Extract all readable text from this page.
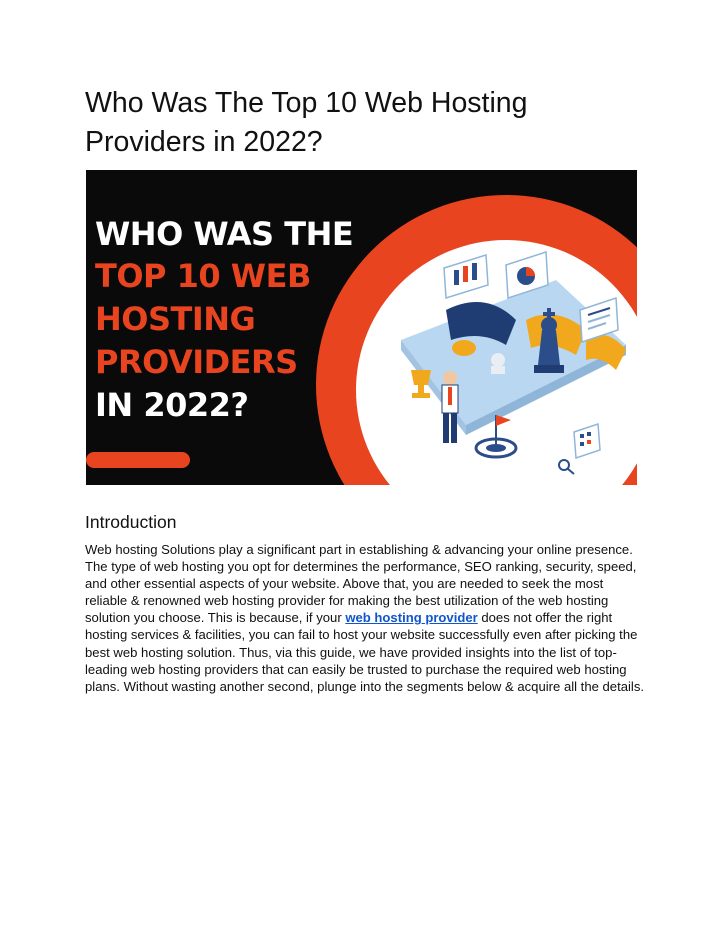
Who Was The Top 10 Web Hosting Providers in 2022?
WHO WAS THE
TOP 10 WEB
HOSTING
PROVIDERS
IN 2022?
Introduction

Web hosting Solutions play a significant part in establishing & advancing your online presence. The type of web hosting you opt for determines the performance, SEO ranking, security, speed, and other essential aspects of your website. Above that, you are needed to seek the most reliable & renowned web hosting provider for making the best utilization of the web hosting solution you choose. This is because, if your web hosting provider does not offer the right hosting services & facilities, you can fail to host your website successfully even after picking the best web hosting solution. Thus, via this guide, we have provided insights into the list of top-leading web hosting providers that can easily be trusted to purchase the required web hosting plans. Without wasting another second, plunge into the segments below & acquire all the details.
